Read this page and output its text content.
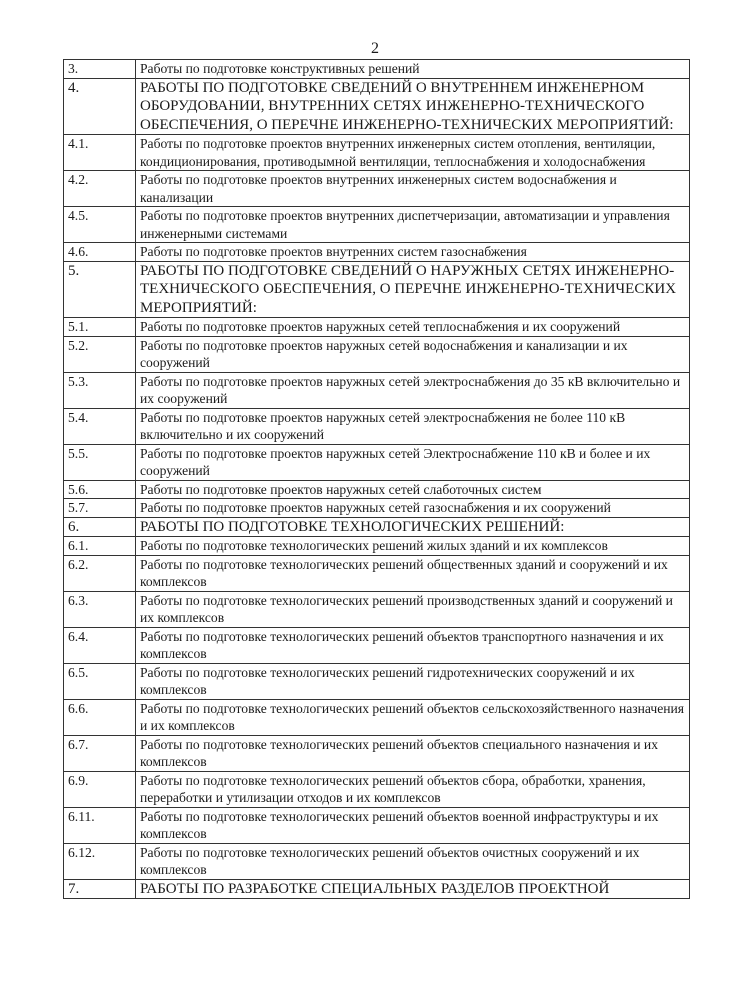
2
3.	Работы по подготовке конструктивных решений
4.	РАБОТЫ ПО ПОДГОТОВКЕ СВЕДЕНИЙ О ВНУТРЕННЕМ ИНЖЕНЕРНОМ ОБОРУДОВАНИИ, ВНУТРЕННИХ СЕТЯХ ИНЖЕНЕРНО-ТЕХНИЧЕСКОГО ОБЕСПЕЧЕНИЯ, О ПЕРЕЧНЕ ИНЖЕНЕРНО-ТЕХНИЧЕСКИХ МЕРОПРИЯТИЙ:
4.1.	Работы по подготовке проектов внутренних инженерных систем отопления, вентиляции, кондиционирования, противодымной вентиляции, теплоснабжения и холодоснабжения
4.2.	Работы по подготовке проектов внутренних инженерных систем водоснабжения и канализации
4.5.	Работы по подготовке проектов внутренних диспетчеризации, автоматизации и управления инженерными системами
4.6.	Работы по подготовке проектов внутренних систем газоснабжения
5.	РАБОТЫ ПО ПОДГОТОВКЕ СВЕДЕНИЙ О НАРУЖНЫХ СЕТЯХ ИНЖЕНЕРНО-ТЕХНИЧЕСКОГО ОБЕСПЕЧЕНИЯ, О ПЕРЕЧНЕ ИНЖЕНЕРНО-ТЕХНИЧЕСКИХ МЕРОПРИЯТИЙ:
5.1.	Работы по подготовке проектов наружных сетей теплоснабжения и их сооружений
5.2.	Работы по подготовке проектов наружных сетей водоснабжения и канализации и их сооружений
5.3.	Работы по подготовке проектов наружных сетей электроснабжения до 35 кВ включительно и их сооружений
5.4.	Работы по подготовке проектов наружных сетей электроснабжения не более 110 кВ включительно и их сооружений
5.5.	Работы по подготовке проектов наружных сетей Электроснабжение 110 кВ и более и их сооружений
5.6.	Работы по подготовке проектов наружных сетей слаботочных систем
5.7.	Работы по подготовке проектов наружных сетей газоснабжения и их сооружений
6.	РАБОТЫ ПО ПОДГОТОВКЕ ТЕХНОЛОГИЧЕСКИХ РЕШЕНИЙ:
6.1.	Работы по подготовке технологических решений жилых зданий и их комплексов
6.2.	Работы по подготовке технологических решений общественных зданий и сооружений и их комплексов
6.3.	Работы по подготовке технологических решений производственных зданий и сооружений и их комплексов
6.4.	Работы по подготовке технологических решений объектов транспортного назначения и их комплексов
6.5.	Работы по подготовке технологических решений гидротехнических сооружений и их комплексов
6.6.	Работы по подготовке технологических решений объектов сельскохозяйственного назначения и их комплексов
6.7.	Работы по подготовке технологических решений объектов специального назначения и их комплексов
6.9.	Работы по подготовке технологических решений объектов сбора, обработки, хранения, переработки и утилизации отходов и их комплексов
6.11.	Работы по подготовке технологических решений объектов военной инфраструктуры и их комплексов
6.12.	Работы по подготовке технологических решений объектов очистных сооружений и их комплексов
7.	РАБОТЫ ПО РАЗРАБОТКЕ СПЕЦИАЛЬНЫХ РАЗДЕЛОВ ПРОЕКТНОЙ
